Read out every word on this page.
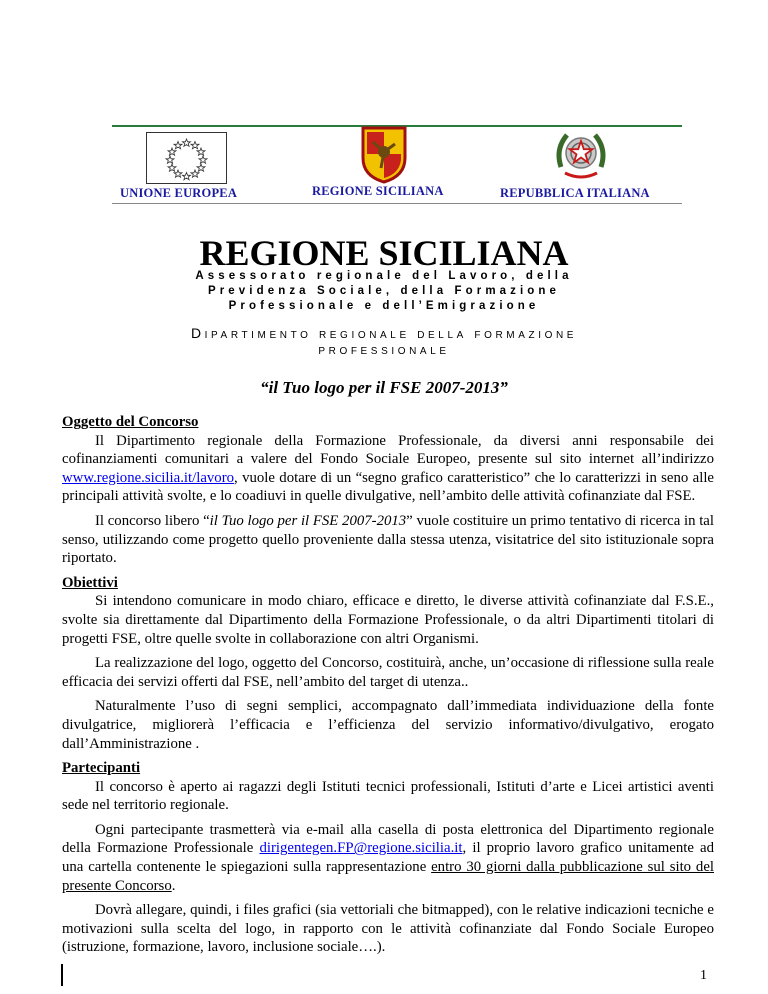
UNIONE EUROPEA	REGIONE SICILIANA	REPUBBLICA ITALIANA
REGIONE SICILIANA
Assessorato regionale del Lavoro, della
Previdenza Sociale, della Formazione
Professionale e dell’Emigrazione
Dipartimento regionale della formazione
professionale
“il Tuo logo per il FSE 2007-2013”

Oggetto del Concorso

Il Dipartimento regionale della Formazione Professionale, da diversi anni responsabile dei cofinanziamenti comunitari a valere del Fondo Sociale Europeo, presente sul sito internet all’indirizzo www.regione.sicilia.it/lavoro, vuole dotare di un “segno grafico caratteristico” che lo caratterizzi in seno alle principali attività svolte, e lo coadiuvi in quelle divulgative, nell’ambito delle attività cofinanziate dal FSE.

Il concorso libero “il Tuo logo per il FSE 2007-2013” vuole costituire un primo tentativo di ricerca in tal senso, utilizzando come progetto quello proveniente dalla stessa utenza, visitatrice del sito istituzionale sopra riportato.

Obiettivi

Si intendono comunicare in modo chiaro, efficace e diretto, le diverse attività cofinanziate dal F.S.E., svolte sia direttamente dal Dipartimento della Formazione Professionale, o da altri Dipartimenti titolari di progetti FSE, oltre quelle svolte in collaborazione con altri Organismi.

La realizzazione del logo, oggetto del Concorso, costituirà, anche, un’occasione di riflessione sulla reale efficacia dei servizi offerti dal FSE, nell’ambito del target di utenza..

Naturalmente l’uso di segni semplici, accompagnato dall’immediata individuazione della fonte divulgatrice, migliorerà l’efficacia e l’efficienza del servizio informativo/divulgativo, erogato dall’Amministrazione .

Partecipanti

Il concorso è aperto ai ragazzi degli Istituti tecnici professionali, Istituti d’arte e Licei artistici aventi sede nel territorio regionale.

Ogni partecipante trasmetterà via e-mail alla casella di posta elettronica del Dipartimento regionale della Formazione Professionale dirigentegen.FP@regione.sicilia.it, il proprio lavoro grafico unitamente ad una cartella contenente le spiegazioni sulla rappresentazione entro 30 giorni dalla pubblicazione sul sito del presente Concorso.

Dovrà allegare, quindi, i files grafici (sia vettoriali che bitmapped), con le relative indicazioni tecniche e motivazioni sulla scelta del logo, in rapporto con le attività cofinanziate dal Fondo Sociale Europeo (istruzione, formazione, lavoro, inclusione sociale….).

1
